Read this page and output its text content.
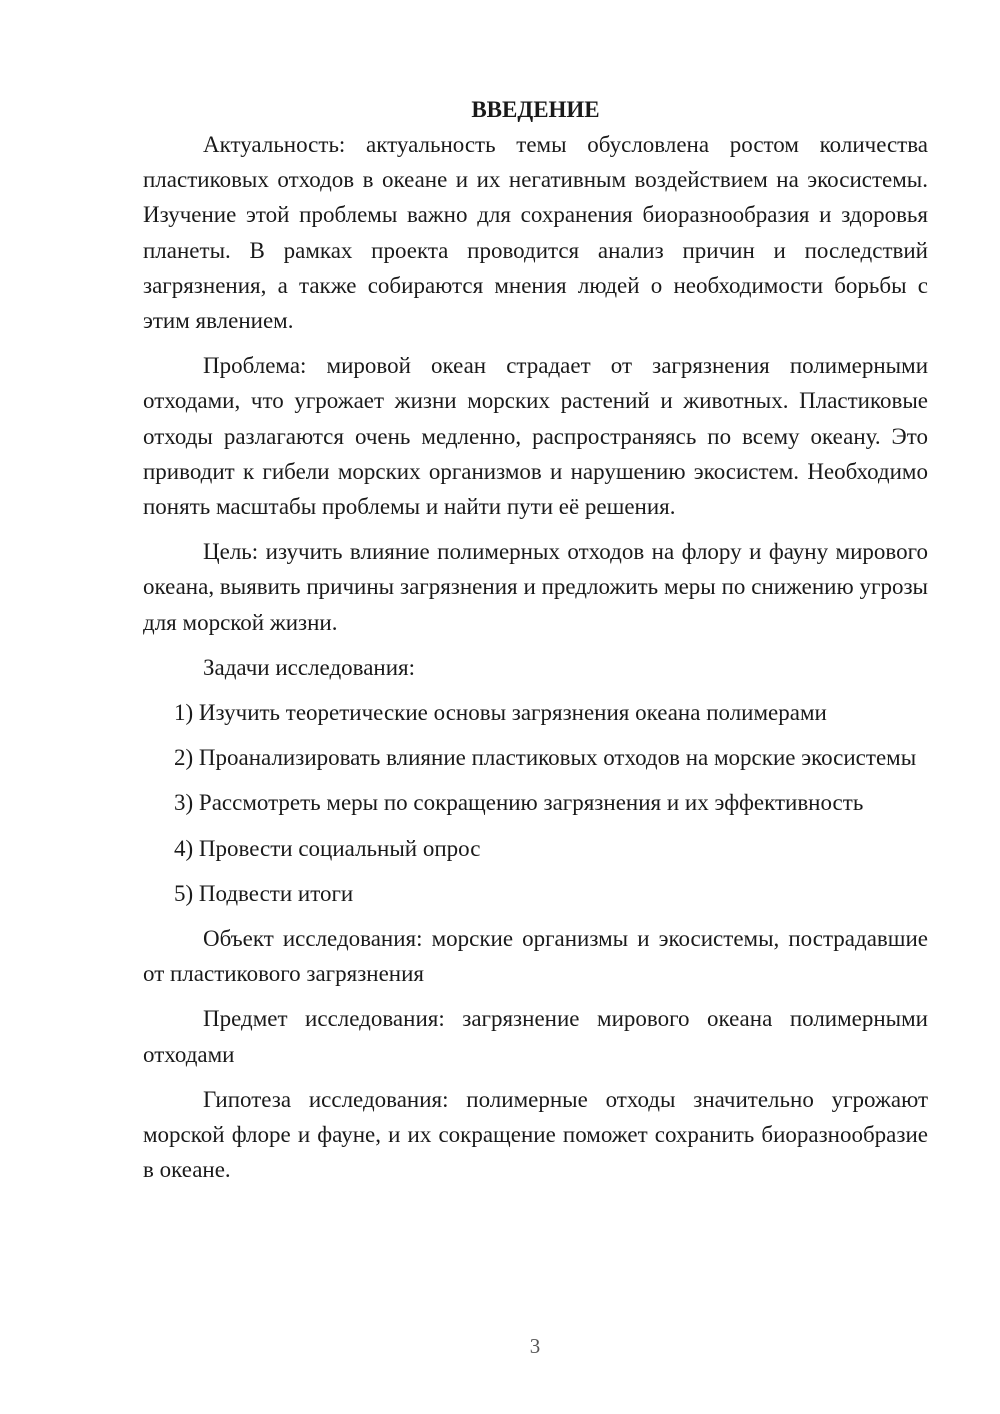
ВВЕДЕНИЕ

Актуальность: актуальность темы обусловлена ростом количества пластиковых отходов в океане и их негативным воздействием на экосистемы. Изучение этой проблемы важно для сохранения биоразнообразия и здоровья планеты. В рамках проекта проводится анализ причин и последствий загрязнения, а также собираются мнения людей о необходимости борьбы с этим явлением.

Проблема: мировой океан страдает от загрязнения полимерными отходами, что угрожает жизни морских растений и животных. Пластиковые отходы разлагаются очень медленно, распространяясь по всему океану. Это приводит к гибели морских организмов и нарушению экосистем. Необходимо понять масштабы проблемы и найти пути её решения.

Цель: изучить влияние полимерных отходов на флору и фауну мирового океана, выявить причины загрязнения и предложить меры по снижению угрозы для морской жизни.

Задачи исследования:

1) Изучить теоретические основы загрязнения океана полимерами

2) Проанализировать влияние пластиковых отходов на морские экосистемы

3) Рассмотреть меры по сокращению загрязнения и их эффективность

4) Провести социальный опрос

5) Подвести итоги

Объект исследования: морские организмы и экосистемы, пострадавшие от пластикового загрязнения

Предмет исследования: загрязнение мирового океана полимерными отходами

Гипотеза исследования: полимерные отходы значительно угрожают морской флоре и фауне, и их сокращение поможет сохранить биоразнообразие в океане.

3
